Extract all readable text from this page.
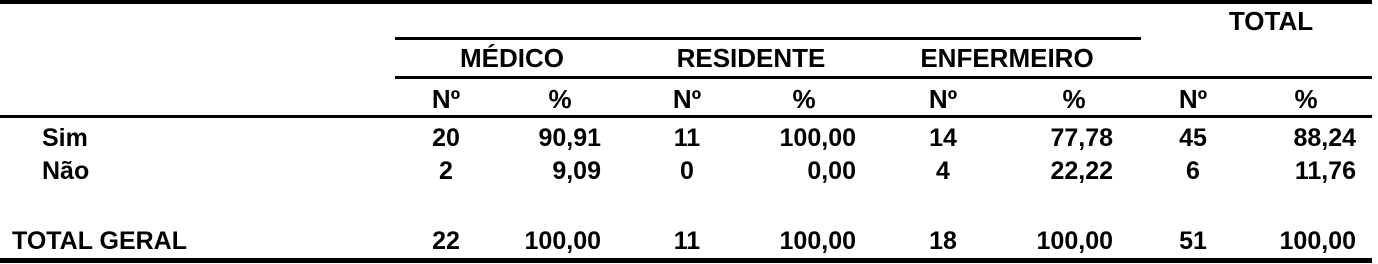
MÉDICO	RESIDENTE	ENFERMEIRO
TOTAL
Nº	%	Nº	%	Nº	%	Nº	%
Sim	20	90,91	11	100,00	14	77,78	45	88,24
Não	2	9,09	0	0,00	4	22,22	6	11,76
TOTAL GERAL	22	100,00	11	100,00	18	100,00	51	100,00
